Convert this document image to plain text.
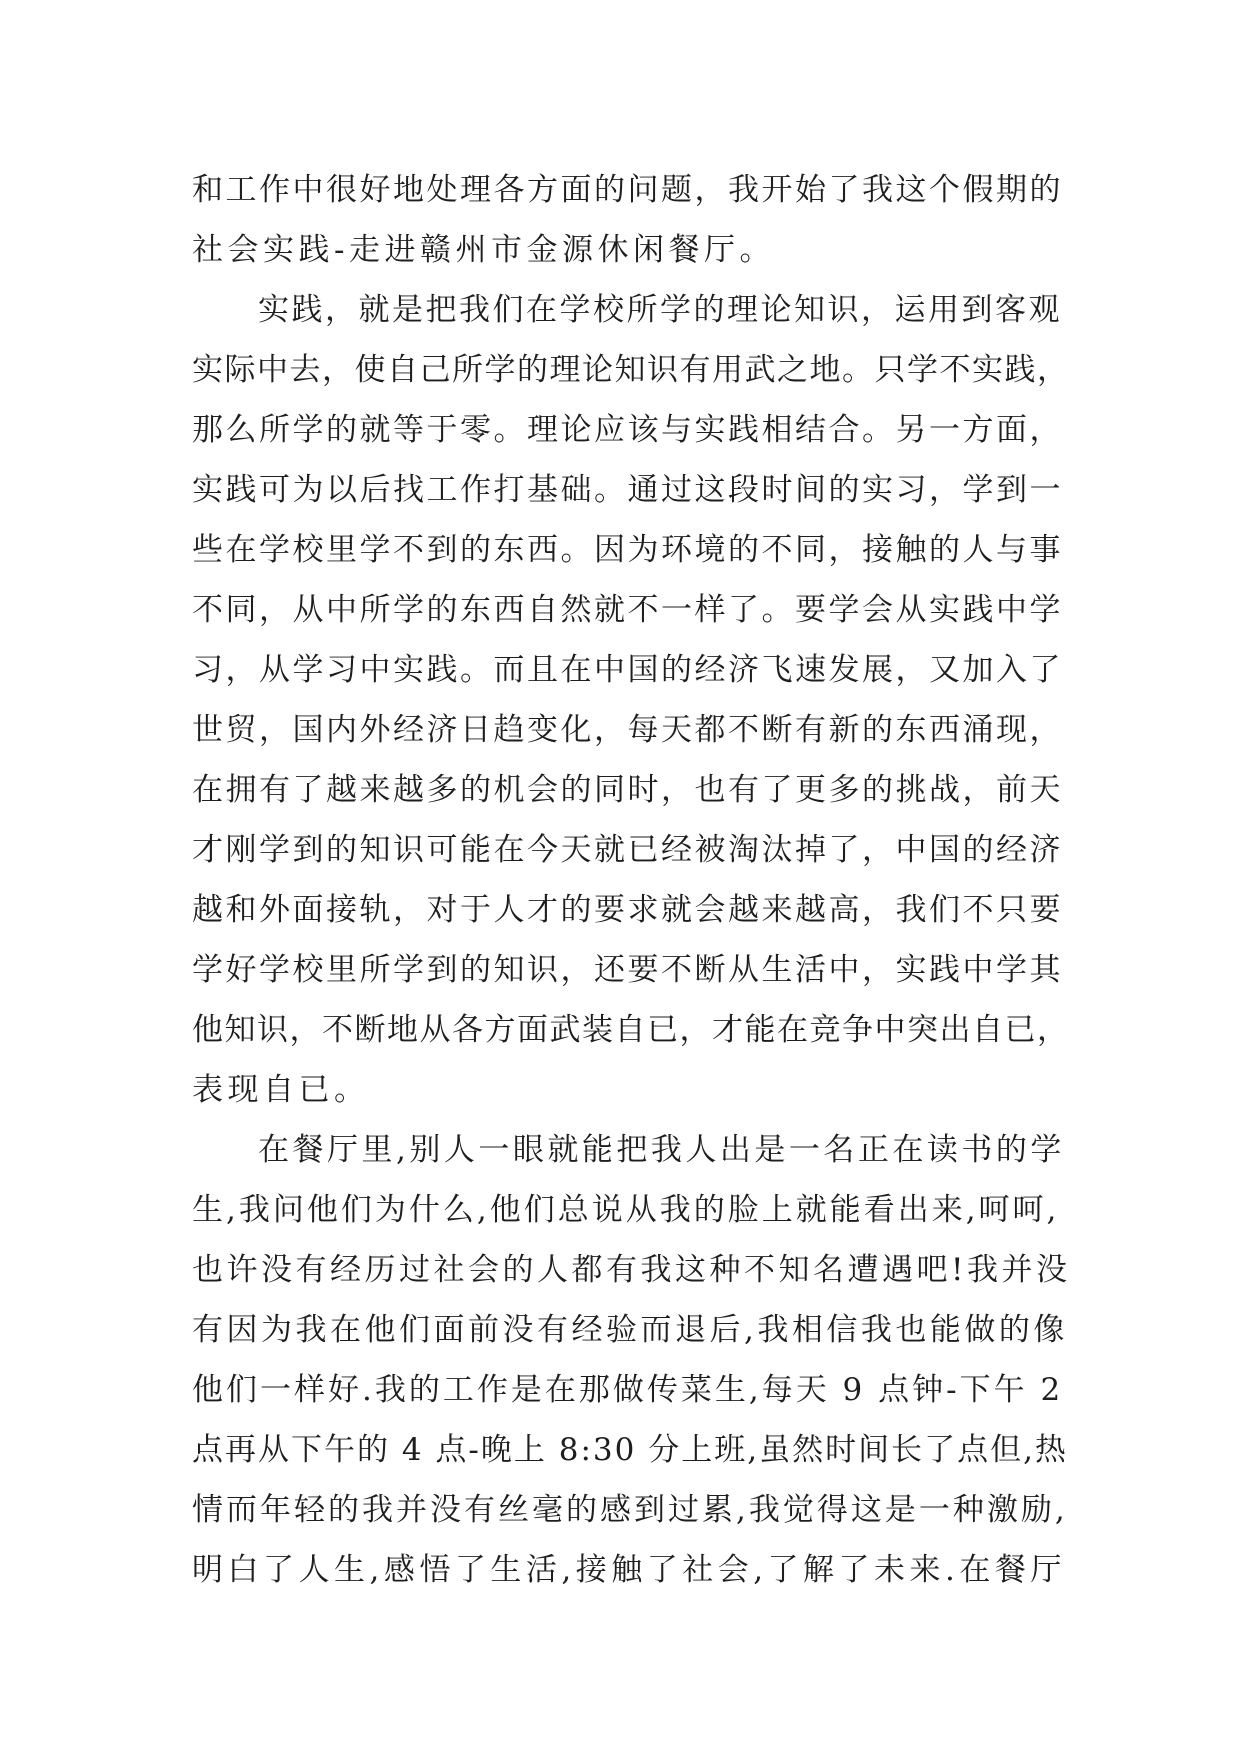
和工作中很好地处理各方面的问题，我开始了我这个假期的
社会实践-走进赣州市金源休闲餐厅。
实践，就是把我们在学校所学的理论知识，运用到客观
实际中去，使自己所学的理论知识有用武之地。只学不实践，
那么所学的就等于零。理论应该与实践相结合。另一方面，
实践可为以后找工作打基础。通过这段时间的实习，学到一
些在学校里学不到的东西。因为环境的不同，接触的人与事
不同，从中所学的东西自然就不一样了。要学会从实践中学
习，从学习中实践。而且在中国的经济飞速发展，又加入了
世贸，国内外经济日趋变化，每天都不断有新的东西涌现，
在拥有了越来越多的机会的同时，也有了更多的挑战，前天
才刚学到的知识可能在今天就已经被淘汰掉了，中国的经济
越和外面接轨，对于人才的要求就会越来越高，我们不只要
学好学校里所学到的知识，还要不断从生活中，实践中学其
他知识，不断地从各方面武装自已，才能在竞争中突出自已，
表现自已。
在餐厅里,别人一眼就能把我人出是一名正在读书的学
生,我问他们为什么,他们总说从我的脸上就能看出来,呵呵,
也许没有经历过社会的人都有我这种不知名遭遇吧!我并没
有因为我在他们面前没有经验而退后,我相信我也能做的像
他们一样好.我的工作是在那做传菜生,每天 9 点钟-下午 2
点再从下午的 4 点-晚上 8:30 分上班,虽然时间长了点但,热
情而年轻的我并没有丝毫的感到过累,我觉得这是一种激励,
明白了人生,感悟了生活,接触了社会,了解了未来.在餐厅
